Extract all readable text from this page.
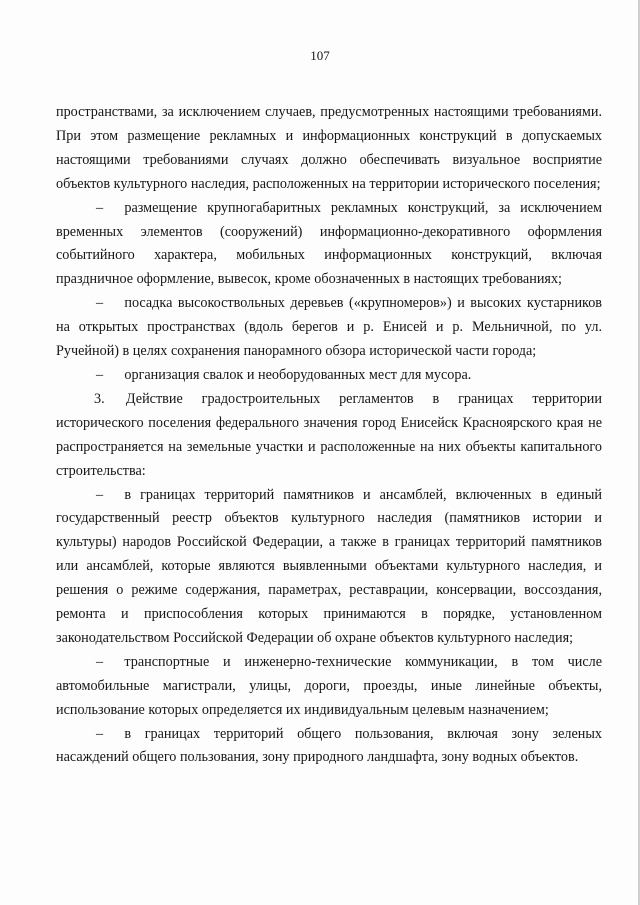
107

пространствами, за исключением случаев, предусмотренных настоящими требованиями. При этом размещение рекламных и информационных конструкций в допускаемых настоящими требованиями случаях должно обеспечивать визуальное восприятие объектов культурного наследия, расположенных на территории исторического поселения;

–  размещение крупногабаритных рекламных конструкций, за исключением временных элементов (сооружений) информационно-декоративного оформления событийного характера, мобильных информационных конструкций, включая праздничное оформление, вывесок, кроме обозначенных в настоящих требованиях;

–  посадка высокоствольных деревьев («крупномеров») и высоких кустарников на открытых пространствах (вдоль берегов и р. Енисей и р. Мельничной, по ул. Ручейной) в целях сохранения панорамного обзора исторической части города;

–  организация свалок и необорудованных мест для мусора.

3.  Действие градостроительных регламентов в границах территории исторического поселения федерального значения город Енисейск Красноярского края не распространяется на земельные участки и расположенные на них объекты капитального строительства:

–  в границах территорий памятников и ансамблей, включенных в единый государственный реестр объектов культурного наследия (памятников истории и культуры) народов Российской Федерации, а также в границах территорий памятников или ансамблей, которые являются выявленными объектами культурного наследия, и решения о режиме содержания, параметрах, реставрации, консервации, воссоздания, ремонта и приспособления которых принимаются в порядке, установленном законодательством Российской Федерации об охране объектов культурного наследия;

–  транспортные и инженерно-технические коммуникации, в том числе автомобильные магистрали, улицы, дороги, проезды, иные линейные объекты, использование которых определяется их индивидуальным целевым назначением;

–  в границах территорий общего пользования, включая зону зеленых насаждений общего пользования, зону природного ландшафта, зону водных объектов.
